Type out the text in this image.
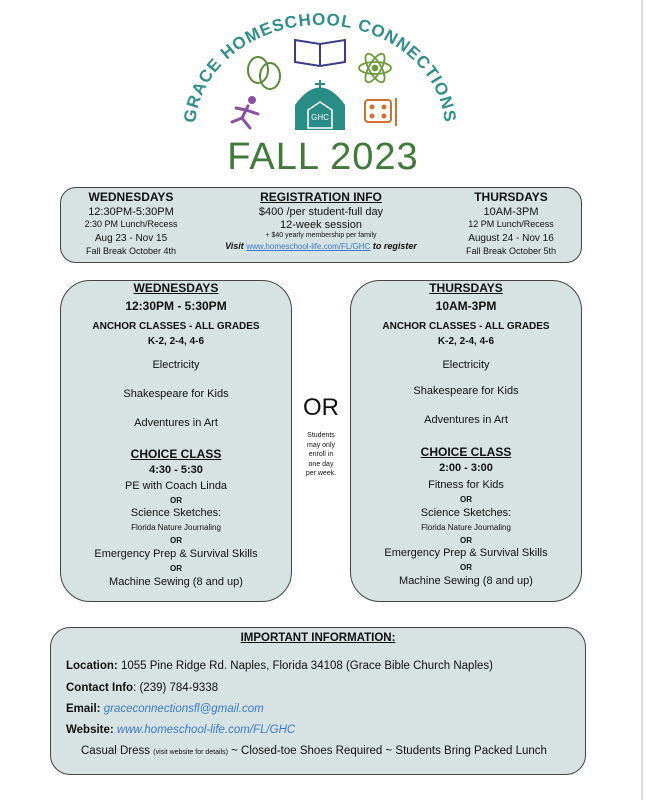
GRACE HOMESCHOOL CONNECTIONS
GHC
FALL 2023
WEDNESDAYS
12:30PM-5:30PM
2:30 PM Lunch/Recess
Aug 23 - Nov 15
Fall Break October 4th
REGISTRATION INFO
$400 /per student-full day
12-week session
+ $40 yearly membership per family
Visit www.homeschool-life.com/FL/GHC to register
THURSDAYS
10AM-3PM
12 PM Lunch/Recess
August 24 - Nov 16
Fall Break October 5th
WEDNESDAYS
12:30PM - 5:30PM
ANCHOR CLASSES - ALL GRADES
K-2, 2-4, 4-6
Electricity
Shakespeare for Kids
Adventures in Art
CHOICE CLASS
4:30 - 5:30
PE with Coach Linda
OR
Science Sketches:
Florida Nature Journaling
OR
Emergency Prep & Survival Skills
OR
Machine Sewing (8 and up)
OR
Students
may only
enroll in
one day
per week.
THURSDAYS
10AM-3PM
ANCHOR CLASSES - ALL GRADES
K-2, 2-4, 4-6
Electricity
Shakespeare for Kids
Adventures in Art
CHOICE CLASS
2:00 - 3:00
Fitness for Kids
OR
Science Sketches:
Florida Nature Journaling
OR
Emergency Prep & Survival Skills
OR
Machine Sewing (8 and up)
IMPORTANT INFORMATION:
Location: 1055 Pine Ridge Rd. Naples, Florida 34108 (Grace Bible Church Naples)
Contact Info: (239) 784-9338
Email: graceconnectionsfl@gmail.com
Website: www.homeschool-life.com/FL/GHC
Casual Dress (visit website for details) ~ Closed-toe Shoes Required ~ Students Bring Packed Lunch
